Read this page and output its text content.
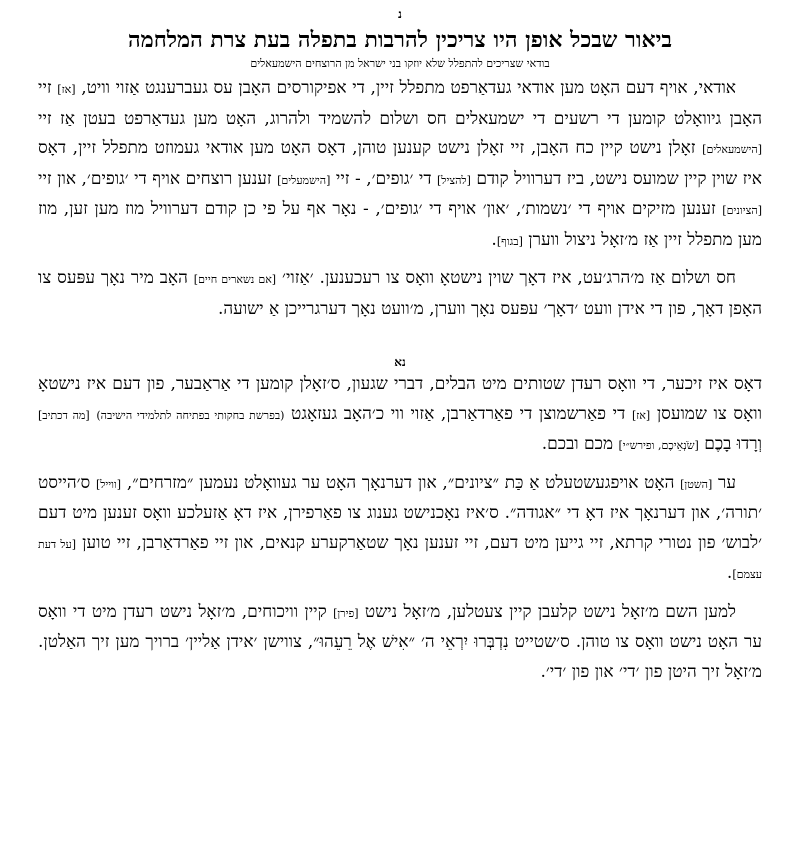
נ
ביאור שבכל אופן היו צריכין להרבות בתפלה בעת צרת המלחמה
בודאי שצריכים להתפלל שלא יוזקו בני ישראל מן הרוצחים הישמעאלים

אודאי, אויף דעם האָט מען אודאי געדאַרפט מתפלל זיין, די אפיקורסים האָבן עס געברענגט אַזוי וויט, [אז] זיי האָבן גיוואָלט קומען די רשעים די ישמעאלים חס ושלום להשמיד ולהרוג, האָט מען געדאַרפט בעטן אַז זיי [הישמעאלים] זאָלן נישט קיין כח האָבן, זיי זאָלן נישט קענען טוהן, דאָס האָט מען אודאי געמוזט מתפלל זיין, דאָס איז שוין קיין שמועס נישט, ביז דערוויל קודם [להציל] די ׳גופים׳, - זיי [הישמעלים] זענען רוצחים אויף די ׳גופים׳, און זיי [הציונים] זענען מזיקים אויף די ׳נשמות׳, ׳און׳ אויף די ׳גופים׳, - נאָר אף על פי כן קודם דערוויל מוז מען זען, מוז מען מתפלל זיין אַז מ׳זאָל ניצול ווערן [בגוף].

חס ושלום אַז מ׳הרג׳עט, איז דאָך שוין נישטאָ וואָס צו רעכענען. ׳אַזוי׳ [אם נשארים חיים] האָב מיר נאָך עפּעס צו האָפן דאָך, פון די אידן וועט ׳דאָך׳ עפּעס נאָך ווערן, מ׳וועט נאָך דערגרייכן אַ ישועה.

נא

דאָס איז זיכער, די וואָס רעדן שטותים מיט הבלים, דברי שגעון, ס׳זאָלן קומען די אַראַבער, פון דעם איז נישטאָ וואָס צו שמועסן [אז] די פאַרשמוצן די פאַרדאַרבן, אַזוי ווי כ׳האָב געזאָגט (בפרשת בחקותי בפתיחה לתלמידי הישיבה) [מה דכתיב] וְרָדוּ בָכֶם [שֹׂנְאֵיכֶם, ופירש״י] מכם ובכם.

ער [השטן] האָט אויפגעשטעלט אַ כַּת ״ציונים״, און דערנאָך האָט ער געוואָלט נעמען ״מזרחים״, [ווייל] ס׳הייסט ׳תורה׳, און דערנאָך איז דאָ די ״אגודה״. ס׳איז נאָכנישט גענוג צו פאַרפירן, איז דאָ אַזעלכע וואָס זענען מיט דעם ׳לבוש׳ פון נטורי קרתא, זיי גייען מיט דעם, זיי זענען נאָך שטאַרקערע קנאים, און זיי פאַרדאַרבן, זיי טוען [על דעת עצמם].

למען השם מ׳זאָל נישט קלעבן קיין צעטלען, מ׳זאָל נישט [פירן] קיין וויכוחים, מ׳זאָל נישט רעדן מיט די וואָס ער האָט נישט וואָס צו טוהן. ס׳שטייט נִדְבְּרוּ יִרְאֵי ה׳ ״אִישׁ אֶל רֵעֵהוּ״, צווישן ׳אידן אַליין׳ ברויך מען זיך האַלטן. מ׳זאָל זיך היטן פון ׳די׳ און פון ׳די׳.
